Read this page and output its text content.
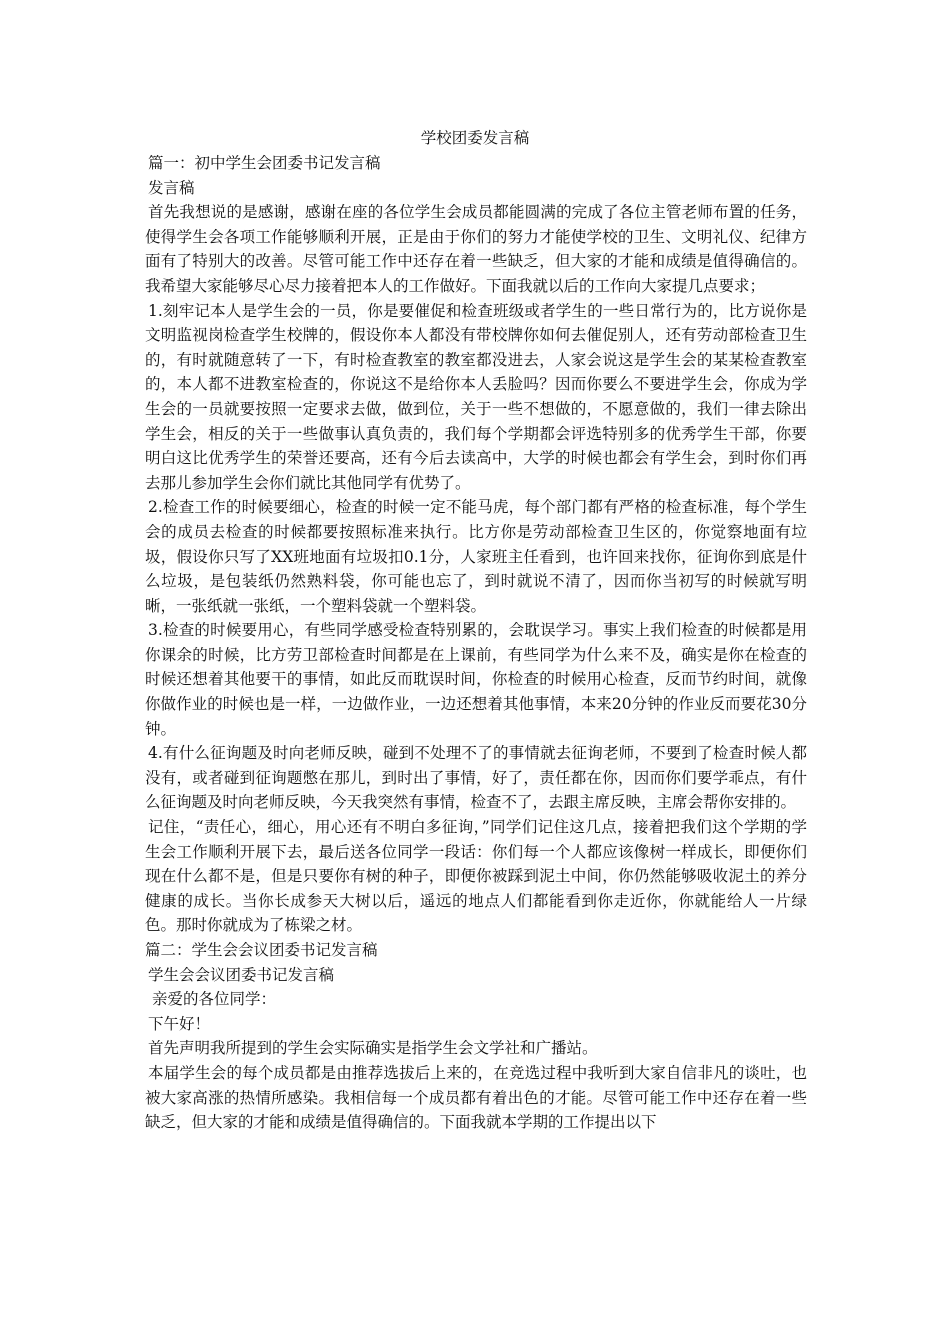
学校团委发言稿

篇一：初中学生会团委书记发言稿

发言稿

首先我想说的是感谢，感谢在座的各位学生会成员都能圆满的完成了各位主管老师布置的任务，使得学生会各项工作能够顺利开展，正是由于你们的努力才能使学校的卫生、文明礼仪、纪律方面有了特别大的改善。尽管可能工作中还存在着一些缺乏，但大家的才能和成绩是值得确信的。我希望大家能够尽心尽力接着把本人的工作做好。下面我就以后的工作向大家提几点要求；

1.刻牢记本人是学生会的一员，你是要催促和检查班级或者学生的一些日常行为的，比方说你是文明监视岗检查学生校牌的，假设你本人都没有带校牌你如何去催促别人，还有劳动部检查卫生的，有时就随意转了一下，有时检查教室的教室都没进去，人家会说这是学生会的某某检查教室的，本人都不进教室检查的，你说这不是给你本人丢脸吗？因而你要么不要进学生会，你成为学生会的一员就要按照一定要求去做，做到位，关于一些不想做的，不愿意做的，我们一律去除出学生会，相反的关于一些做事认真负责的，我们每个学期都会评选特别多的优秀学生干部，你要明白这比优秀学生的荣誉还要高，还有今后去读高中，大学的时候也都会有学生会，到时你们再去那儿参加学生会你们就比其他同学有优势了。

2.检查工作的时候要细心，检查的时候一定不能马虎，每个部门都有严格的检查标准，每个学生会的成员去检查的时候都要按照标准来执行。比方你是劳动部检查卫生区的，你觉察地面有垃圾，假设你只写了XX班地面有垃圾扣0.1分，人家班主任看到，也许回来找你，征询你到底是什么垃圾，是包装纸仍然熟料袋，你可能也忘了，到时就说不清了，因而你当初写的时候就写明晰，一张纸就一张纸，一个塑料袋就一个塑料袋。

3.检查的时候要用心，有些同学感受检查特别累的，会耽误学习。事实上我们检查的时候都是用你课余的时候，比方劳卫部检查时间都是在上课前，有些同学为什么来不及，确实是你在检查的时候还想着其他要干的事情，如此反而耽误时间，你检查的时候用心检查，反而节约时间，就像你做作业的时候也是一样，一边做作业，一边还想着其他事情，本来20分钟的作业反而要花30分钟。

4.有什么征询题及时向老师反映，碰到不处理不了的事情就去征询老师，不要到了检查时候人都没有，或者碰到征询题憋在那儿，到时出了事情，好了，责任都在你，因而你们要学乖点，有什么征询题及时向老师反映，今天我突然有事情，检查不了，去跟主席反映，主席会帮你安排的。

记住，“责任心，细心，用心还有不明白多征询，”同学们记住这几点，接着把我们这个学期的学生会工作顺利开展下去，最后送各位同学一段话：你们每一个人都应该像树一样成长，即便你们现在什么都不是，但是只要你有树的种子，即便你被踩到泥土中间，你仍然能够吸收泥土的养分健康的成长。当你长成参天大树以后，遥远的地点人们都能看到你走近你，你就能给人一片绿色。那时你就成为了栋梁之材。

篇二：学生会会议团委书记发言稿

学生会会议团委书记发言稿

亲爱的各位同学：

下午好！

首先声明我所提到的学生会实际确实是指学生会文学社和广播站。

本届学生会的每个成员都是由推荐选拔后上来的，在竞选过程中我听到大家自信非凡的谈吐，也被大家高涨的热情所感染。我相信每一个成员都有着出色的才能。尽管可能工作中还存在着一些缺乏，但大家的才能和成绩是值得确信的。下面我就本学期的工作提出以下
